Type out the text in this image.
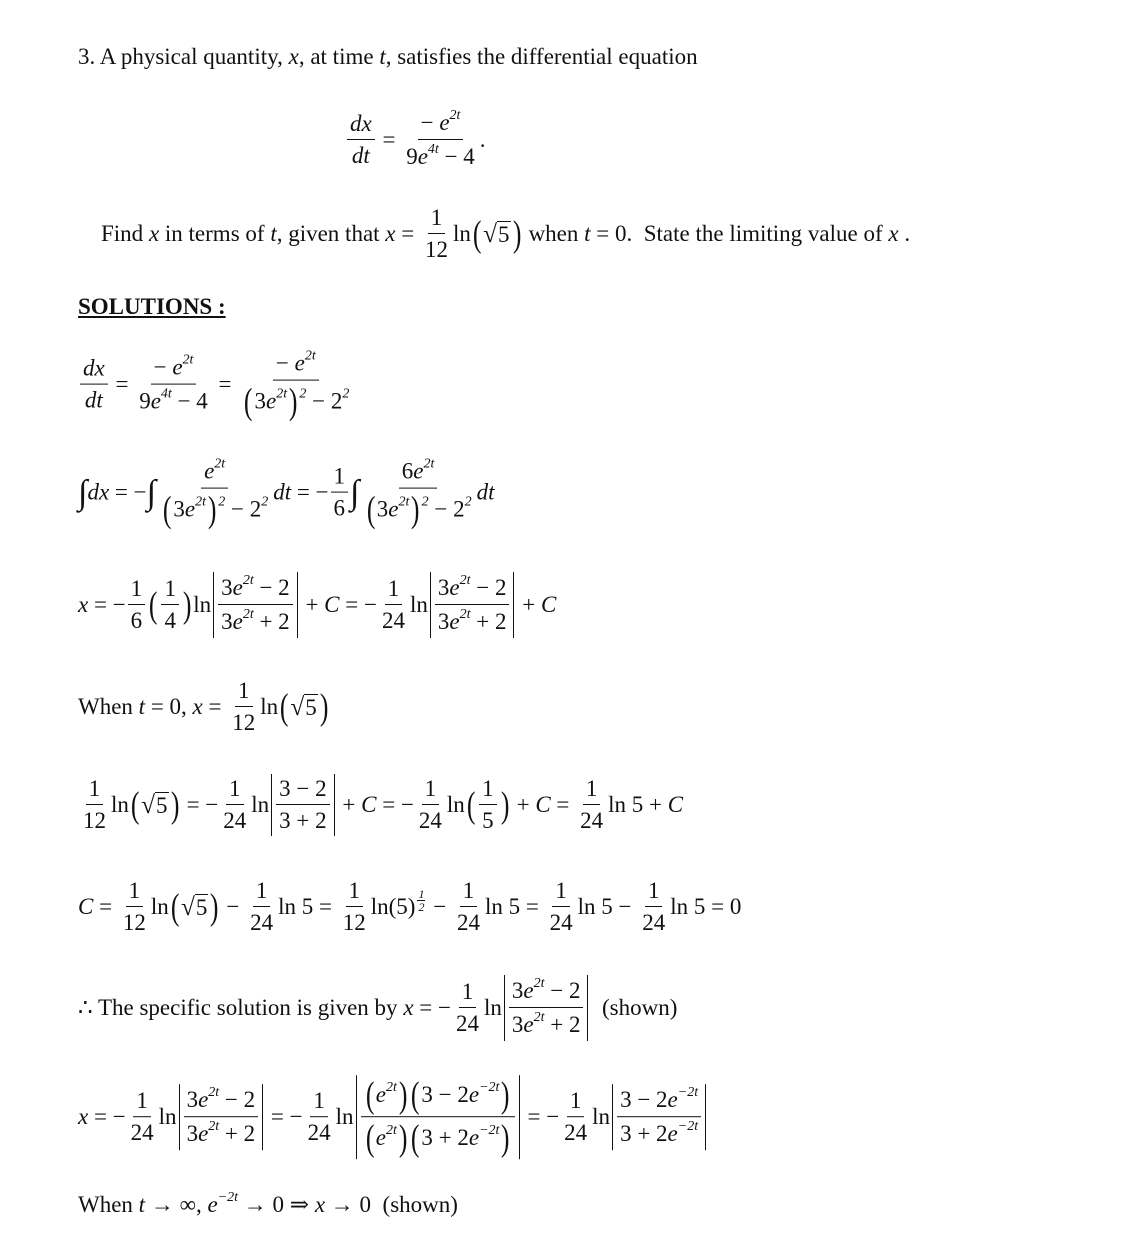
3. A physical quantity, x , at time t , satisfies the differential equation
$\frac{dx}{dt} = \frac{- e 2t}{9 e 4t - 4}$ .
Find x in terms of t , given that $x = \frac{1}{12}$ ln ( √ 5 ) when t = 0.  State the limiting value of x .
SOLUTIONS :
$\frac{dx}{dt} = \frac{- e 2t}{9 e 4t - 4} = \frac{- e 2t}{( 3 e 2t ) 2 - 2 2}$
∫ dx = − ∫ $\frac{e 2t}{( 3 e 2t ) 2 - 2 2}$ dt = − $\frac{1}{6}$ ∫ $\frac{6 e 2t}{( 3 e 2t ) 2 - 2 2}$ dt
x = − $\frac{1}{6}$ ( $\frac{1}{4}$ ) $\ln \frac{3 e 2t - 2}{3 e 2t + 2} + C$ = − $\frac{1}{24}$ $\ln \frac{3 e 2t - 2}{3 e 2t + 2} + C$
When t = 0, $x = \frac{1}{12}$ ln ( √ 5 )
$\frac{1}{12}$ ln ( √ 5 ) = − $\frac{1}{24}$ $\ln \frac{3 - 2}{3 + 2} + C$ = − $\frac{1}{24}$ ln ( $\frac{1}{5}$ ) + $C = \frac{1}{24}$ ln 5 + C
$C = \frac{1}{12}$ ln ( √ 5 ) − $\frac{1}{24}$ $\ln 5 = \frac{1}{12} \ln(5) \frac{1}{2} - \frac{1}{24}$ $\ln 5 = \frac{1}{24}$ $\ln 5 - \frac{1}{24}$ ln 5 = 0
∴ The specific solution is given by x = − $\frac{1}{24}$ $\ln \frac{3 e 2t - 2}{3 e 2t + 2}$ (shown)
x = − $\frac{1}{24}$ $\ln \frac{3 e 2t - 2}{3 e 2t + 2}$ = − $\frac{1}{24}$ $\ln \frac{( e 2t ) ( 3 - 2 e -2t )}{( e 2t ) ( 3 + 2 e -2t )}$ = − $\frac{1}{24}$ $\ln \frac{3 - 2 e -2t}{3 + 2 e -2t}$
When t → ∞, e −2t → 0 ⇒ x → 0  (shown)
